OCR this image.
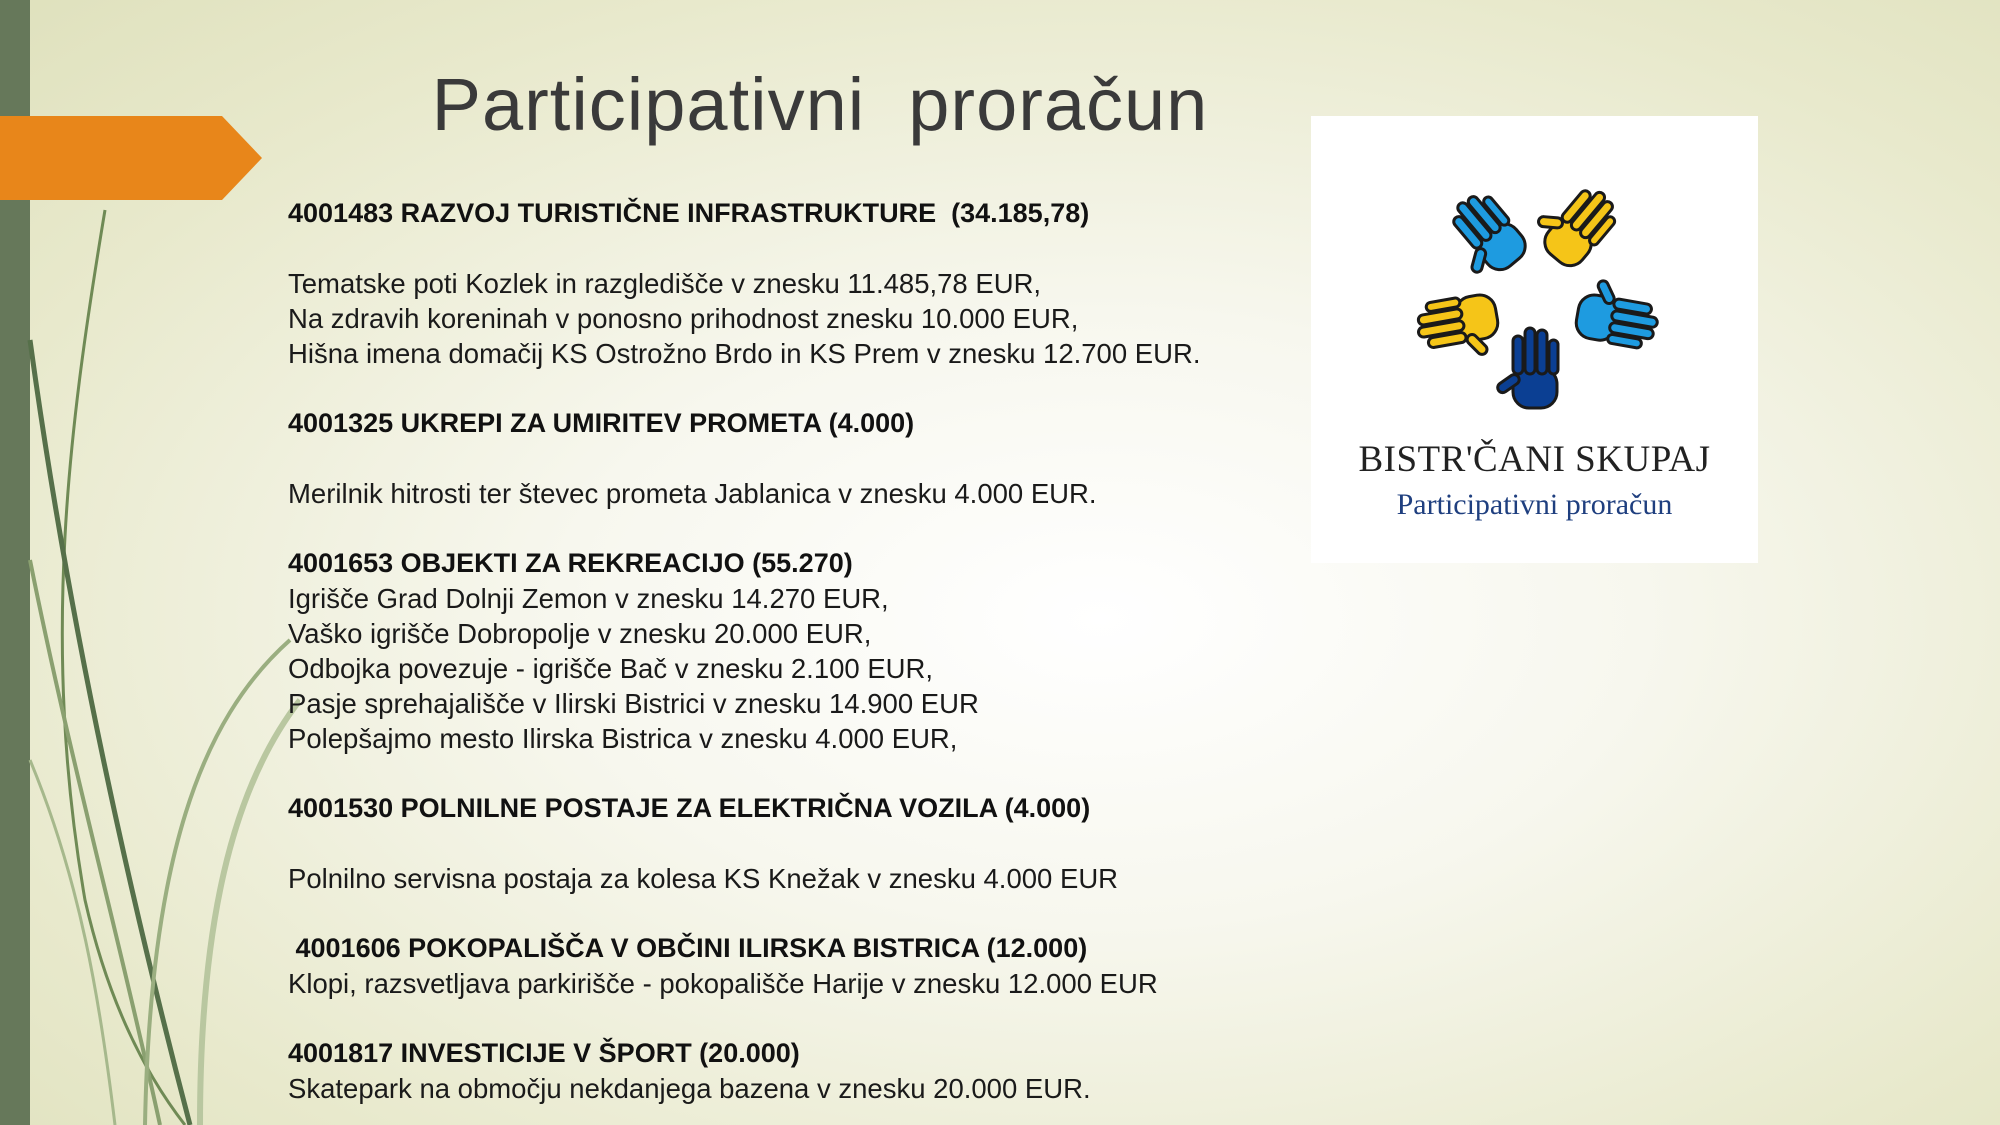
Participativni  proračun

4001483 RAZVOJ TURISTIČNE INFRASTRUKTURE  (34.185,78)

Tematske poti Kozlek in razgledišče v znesku 11.485,78 EUR,

Na zdravih koreninah v ponosno prihodnost znesku 10.000 EUR,

Hišna imena domačij KS Ostrožno Brdo in KS Prem v znesku 12.700 EUR.

4001325 UKREPI ZA UMIRITEV PROMETA (4.000)

Merilnik hitrosti ter števec prometa Jablanica v znesku 4.000 EUR.

4001653 OBJEKTI ZA REKREACIJO (55.270)

Igrišče Grad Dolnji Zemon v znesku 14.270 EUR,

Vaško igrišče Dobropolje v znesku 20.000 EUR,

Odbojka povezuje - igrišče Bač v znesku 2.100 EUR,

Pasje sprehajališče v Ilirski Bistrici v znesku 14.900 EUR

Polepšajmo mesto Ilirska Bistrica v znesku 4.000 EUR,

4001530 POLNILNE POSTAJE ZA ELEKTRIČNA VOZILA (4.000)

Polnilno servisna postaja za kolesa KS Knežak v znesku 4.000 EUR

4001606 POKOPALIŠČA V OBČINI ILIRSKA BISTRICA (12.000)

Klopi, razsvetljava parkirišče - pokopališče Harije v znesku 12.000 EUR

4001817 INVESTICIJE V ŠPORT (20.000)

Skatepark na območju nekdanjega bazena v znesku 20.000 EUR.

BISTR'ČANI SKUPAJ
Participativni proračun
